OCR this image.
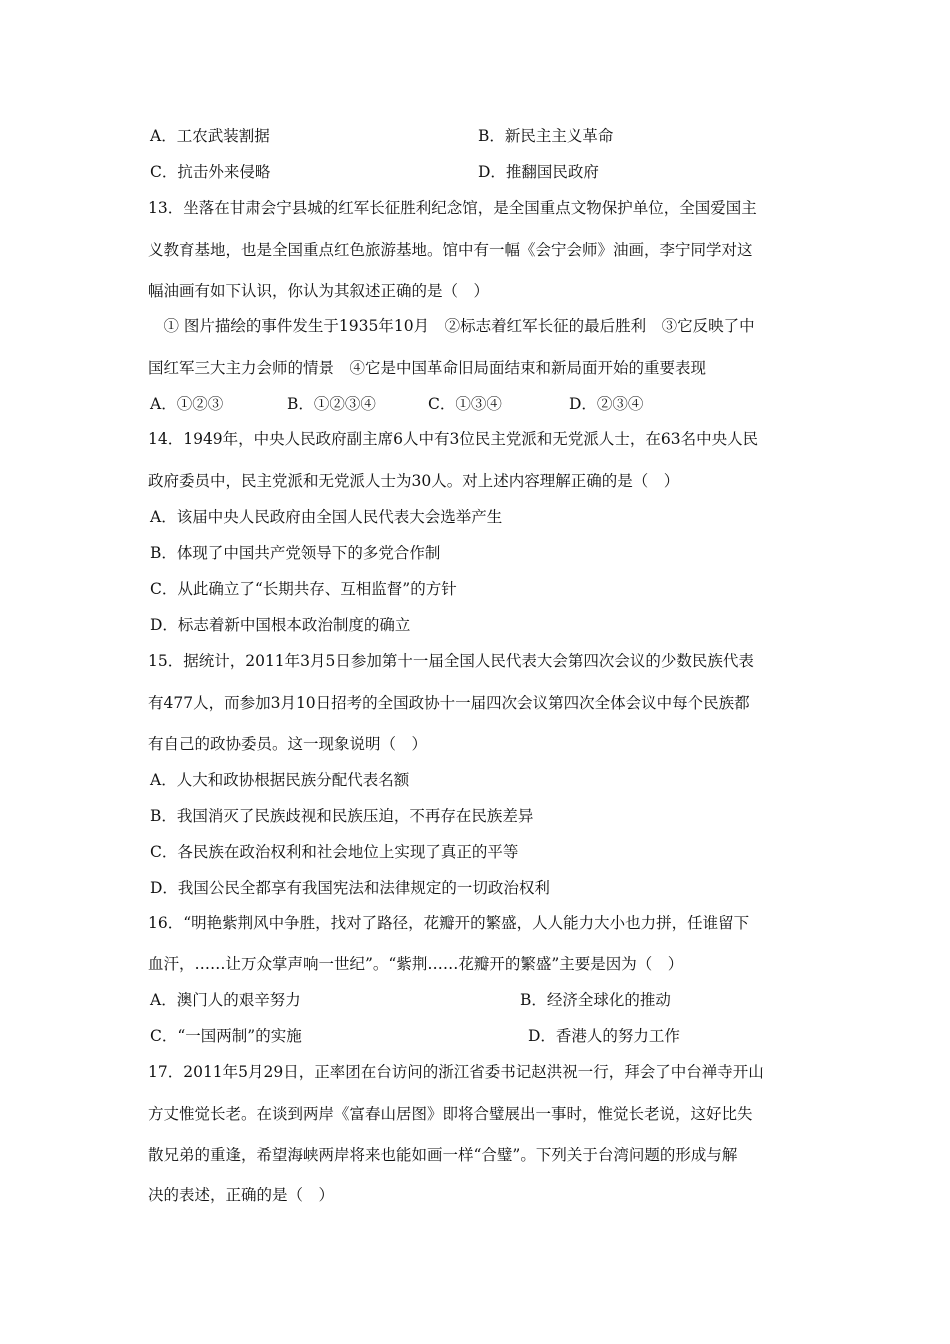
A．工农武装割据	B．新民主主义革命
C．抗击外来侵略	D．推翻国民政府
13．坐落在甘肃会宁县城的红军长征胜利纪念馆，是全国重点文物保护单位，全国爱国主
义教育基地，也是全国重点红色旅游基地。馆中有一幅《会宁会师》油画，李宁同学对这
幅油画有如下认识，你认为其叙述正确的是（　）
　① 图片描绘的事件发生于1935年10月　②标志着红军长征的最后胜利　③它反映了中
国红军三大主力会师的情景　④它是中国革命旧局面结束和新局面开始的重要表现
A．①②③	B．①②③④	C．①③④	D．②③④
14．1949年，中央人民政府副主席6人中有3位民主党派和无党派人士，在63名中央人民
政府委员中，民主党派和无党派人士为30人。对上述内容理解正确的是（　）
A．该届中央人民政府由全国人民代表大会选举产生
B．体现了中国共产党领导下的多党合作制
C．从此确立了“长期共存、互相监督”的方针
D．标志着新中国根本政治制度的确立
15．据统计，2011年3月5日参加第十一届全国人民代表大会第四次会议的少数民族代表
有477人，而参加3月10日招考的全国政协十一届四次会议第四次全体会议中每个民族都
有自己的政协委员。这一现象说明（　）
A．人大和政协根据民族分配代表名额
B．我国消灭了民族歧视和民族压迫，不再存在民族差异
C．各民族在政治权利和社会地位上实现了真正的平等
D．我国公民全都享有我国宪法和法律规定的一切政治权利
16．“明艳紫荆风中争胜，找对了路径，花瓣开的繁盛，人人能力大小也力拼，任谁留下
血汗，……让万众掌声响一世纪”。“紫荆……花瓣开的繁盛”主要是因为（　）
A．澳门人的艰辛努力	B．经济全球化的推动
C．“一国两制”的实施	D．香港人的努力工作
17．2011年5月29日，正率团在台访问的浙江省委书记赵洪祝一行，拜会了中台禅寺开山
方丈惟觉长老。在谈到两岸《富春山居图》即将合璧展出一事时，惟觉长老说，这好比失
散兄弟的重逢，希望海峡两岸将来也能如画一样“合璧”。下列关于台湾问题的形成与解
决的表述，正确的是（　）
